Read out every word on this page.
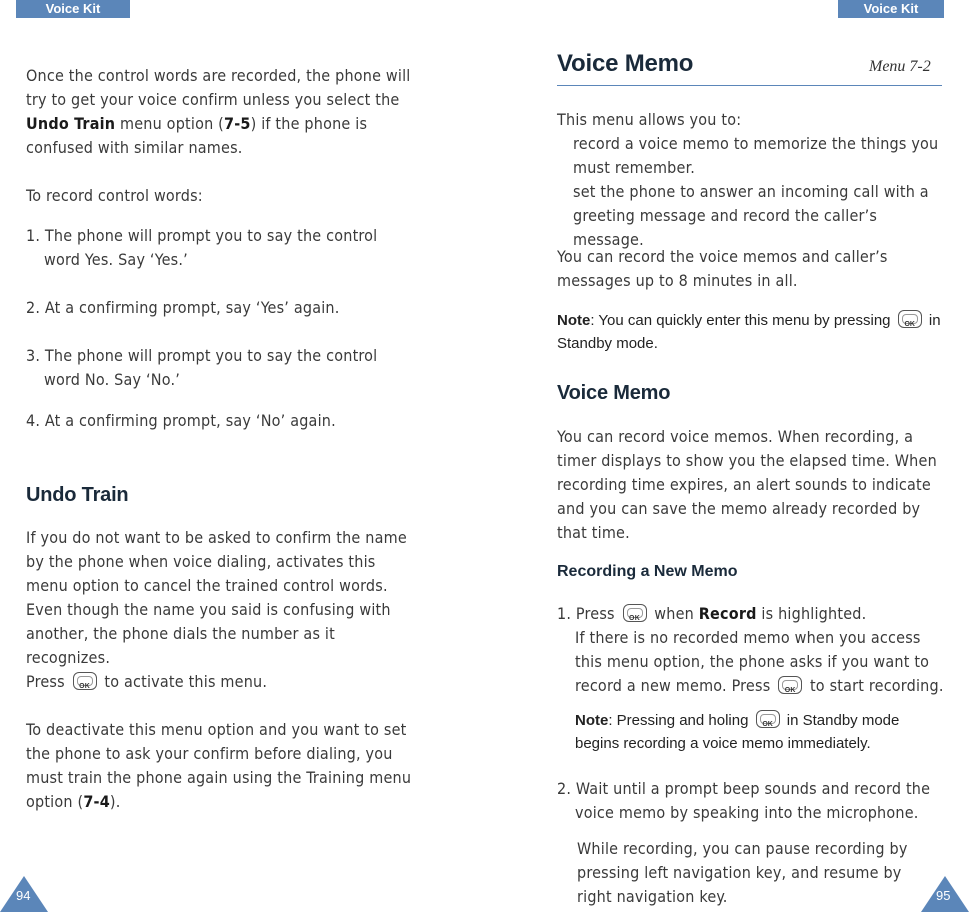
Voice Kit	Voice Kit

Once the control words are recorded, the phone will try to get your voice confirm unless you select the Undo Train menu option (7-5) if the phone is confused with similar names.

To record control words:

1. The phone will prompt you to say the control word Yes. Say ‘Yes.’

2. At a confirming prompt, say ‘Yes’ again.

3. The phone will prompt you to say the control word No. Say ‘No.’

4. At a confirming prompt, say ‘No’ again.

Undo Train

If you do not want to be asked to confirm the name by the phone when voice dialing, activates this menu option to cancel the trained control words. Even though the name you said is confusing with another, the phone dials the number as it recognizes.

Press	OK to activate this menu.

To deactivate this menu option and you want to set the phone to ask your confirm before dialing, you must train the phone again using the Training menu option (7-4).

94
Voice Memo	Menu 7-2

This menu allows you to:

record a voice memo to memorize the things you must remember.

set the phone to answer an incoming call with a greeting message and record the caller’s message.

You can record the voice memos and caller’s messages up to 8 minutes in all.

Note: You can quickly enter this menu by pressing	OK in Standby mode.

Voice Memo

You can record voice memos. When recording, a timer displays to show you the elapsed time. When recording time expires, an alert sounds to indicate and you can save the memo already recorded by that time.

Recording a New Memo

1. Press	OK when Record is highlighted.

If there is no recorded memo when you access this menu option, the phone asks if you want to record a new memo. Press	OK to start recording.

Note: Pressing and holing	OK in Standby mode begins recording a voice memo immediately.

2. Wait until a prompt beep sounds and record the voice memo by speaking into the microphone.

While recording, you can pause recording by pressing left navigation key, and resume by right navigation key.	95
